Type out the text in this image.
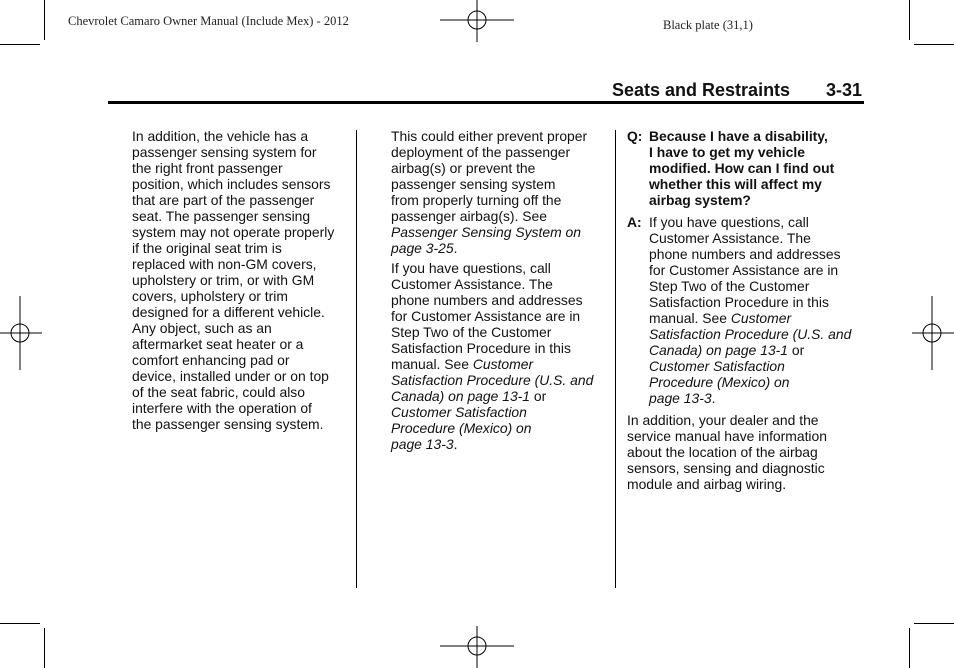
Chevrolet Camaro Owner Manual (Include Mex) - 2012	Black plate (31,1)
Seats and Restraints 3-31

In addition, the vehicle has a
passenger sensing system for
the right front passenger
position, which includes sensors
that are part of the passenger
seat. The passenger sensing
system may not operate properly
if the original seat trim is
replaced with non-GM covers,
upholstery or trim, or with GM
covers, upholstery or trim
designed for a different vehicle.
Any object, such as an
aftermarket seat heater or a
comfort enhancing pad or
device, installed under or on top
of the seat fabric, could also
interfere with the operation of
the passenger sensing system.

This could either prevent proper
deployment of the passenger
airbag(s) or prevent the
passenger sensing system
from properly turning off the
passenger airbag(s). See
Passenger Sensing System on
page 3-25.

If you have questions, call
Customer Assistance. The
phone numbers and addresses
for Customer Assistance are in
Step Two of the Customer
Satisfaction Procedure in this
manual. See Customer
Satisfaction Procedure (U.S. and
Canada) on page 13-1 or
Customer Satisfaction
Procedure (Mexico) on
page 13-3.

Q: Because I have a disability,
I have to get my vehicle
modified. How can I find out
whether this will affect my
airbag system?
A: If you have questions, call
Customer Assistance. The
phone numbers and addresses
for Customer Assistance are in
Step Two of the Customer
Satisfaction Procedure in this
manual. See Customer
Satisfaction Procedure (U.S. and
Canada) on page 13-1 or
Customer Satisfaction
Procedure (Mexico) on
page 13-3.

In addition, your dealer and the
service manual have information
about the location of the airbag
sensors, sensing and diagnostic
module and airbag wiring.
